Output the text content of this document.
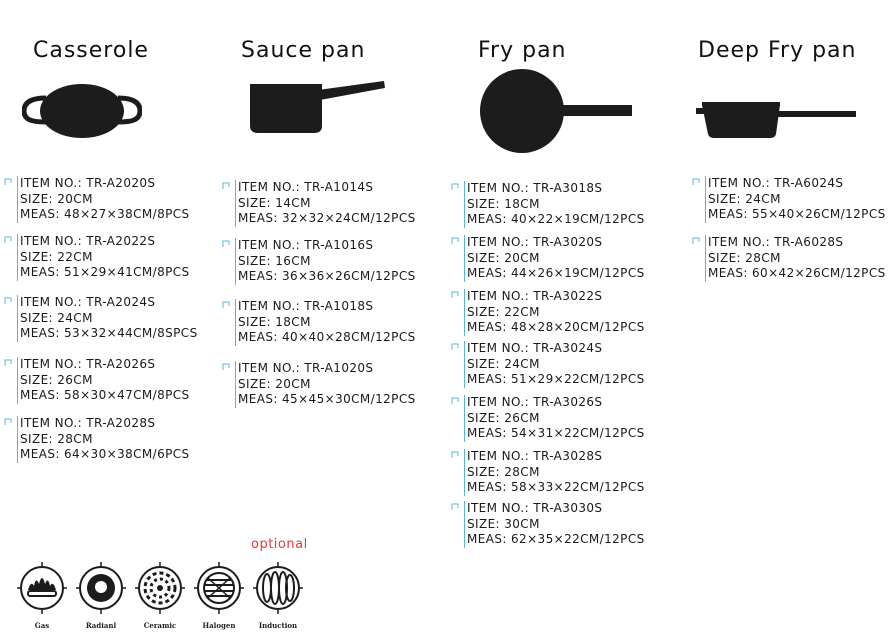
Casserole	Sauce pan	Fry pan	Deep Fry pan
ITEM NO.: TR-A2020S
SIZE: 20CM
MEAS: 48×27×38CM/8PCS
ITEM NO.: TR-A2022S
SIZE: 22CM
MEAS: 51×29×41CM/8PCS
ITEM NO.: TR-A2024S
SIZE: 24CM
MEAS: 53×32×44CM/8SPCS
ITEM NO.: TR-A2026S
SIZE: 26CM
MEAS: 58×30×47CM/8PCS
ITEM NO.: TR-A2028S
SIZE: 28CM
MEAS: 64×30×38CM/6PCS
ITEM NO.: TR-A1014S
SIZE: 14CM
MEAS: 32×32×24CM/12PCS
ITEM NO.: TR-A1016S
SIZE: 16CM
MEAS: 36×36×26CM/12PCS
ITEM NO.: TR-A1018S
SIZE: 18CM
MEAS: 40×40×28CM/12PCS
ITEM NO.: TR-A1020S
SIZE: 20CM
MEAS: 45×45×30CM/12PCS
ITEM NO.: TR-A3018S
SIZE: 18CM
MEAS: 40×22×19CM/12PCS
ITEM NO.: TR-A3020S
SIZE: 20CM
MEAS: 44×26×19CM/12PCS
ITEM NO.: TR-A3022S
SIZE: 22CM
MEAS: 48×28×20CM/12PCS
ITEM NO.: TR-A3024S
SIZE: 24CM
MEAS: 51×29×22CM/12PCS
ITEM NO.: TR-A3026S
SIZE: 26CM
MEAS: 54×31×22CM/12PCS
ITEM NO.: TR-A3028S
SIZE: 28CM
MEAS: 58×33×22CM/12PCS
ITEM NO.: TR-A3030S
SIZE: 30CM
MEAS: 62×35×22CM/12PCS
ITEM NO.: TR-A6024S
SIZE: 24CM
MEAS: 55×40×26CM/12PCS
ITEM NO.: TR-A6028S
SIZE: 28CM
MEAS: 60×42×26CM/12PCS
optional
Gas	Radianl	Ceramic	Halogen	Induction
